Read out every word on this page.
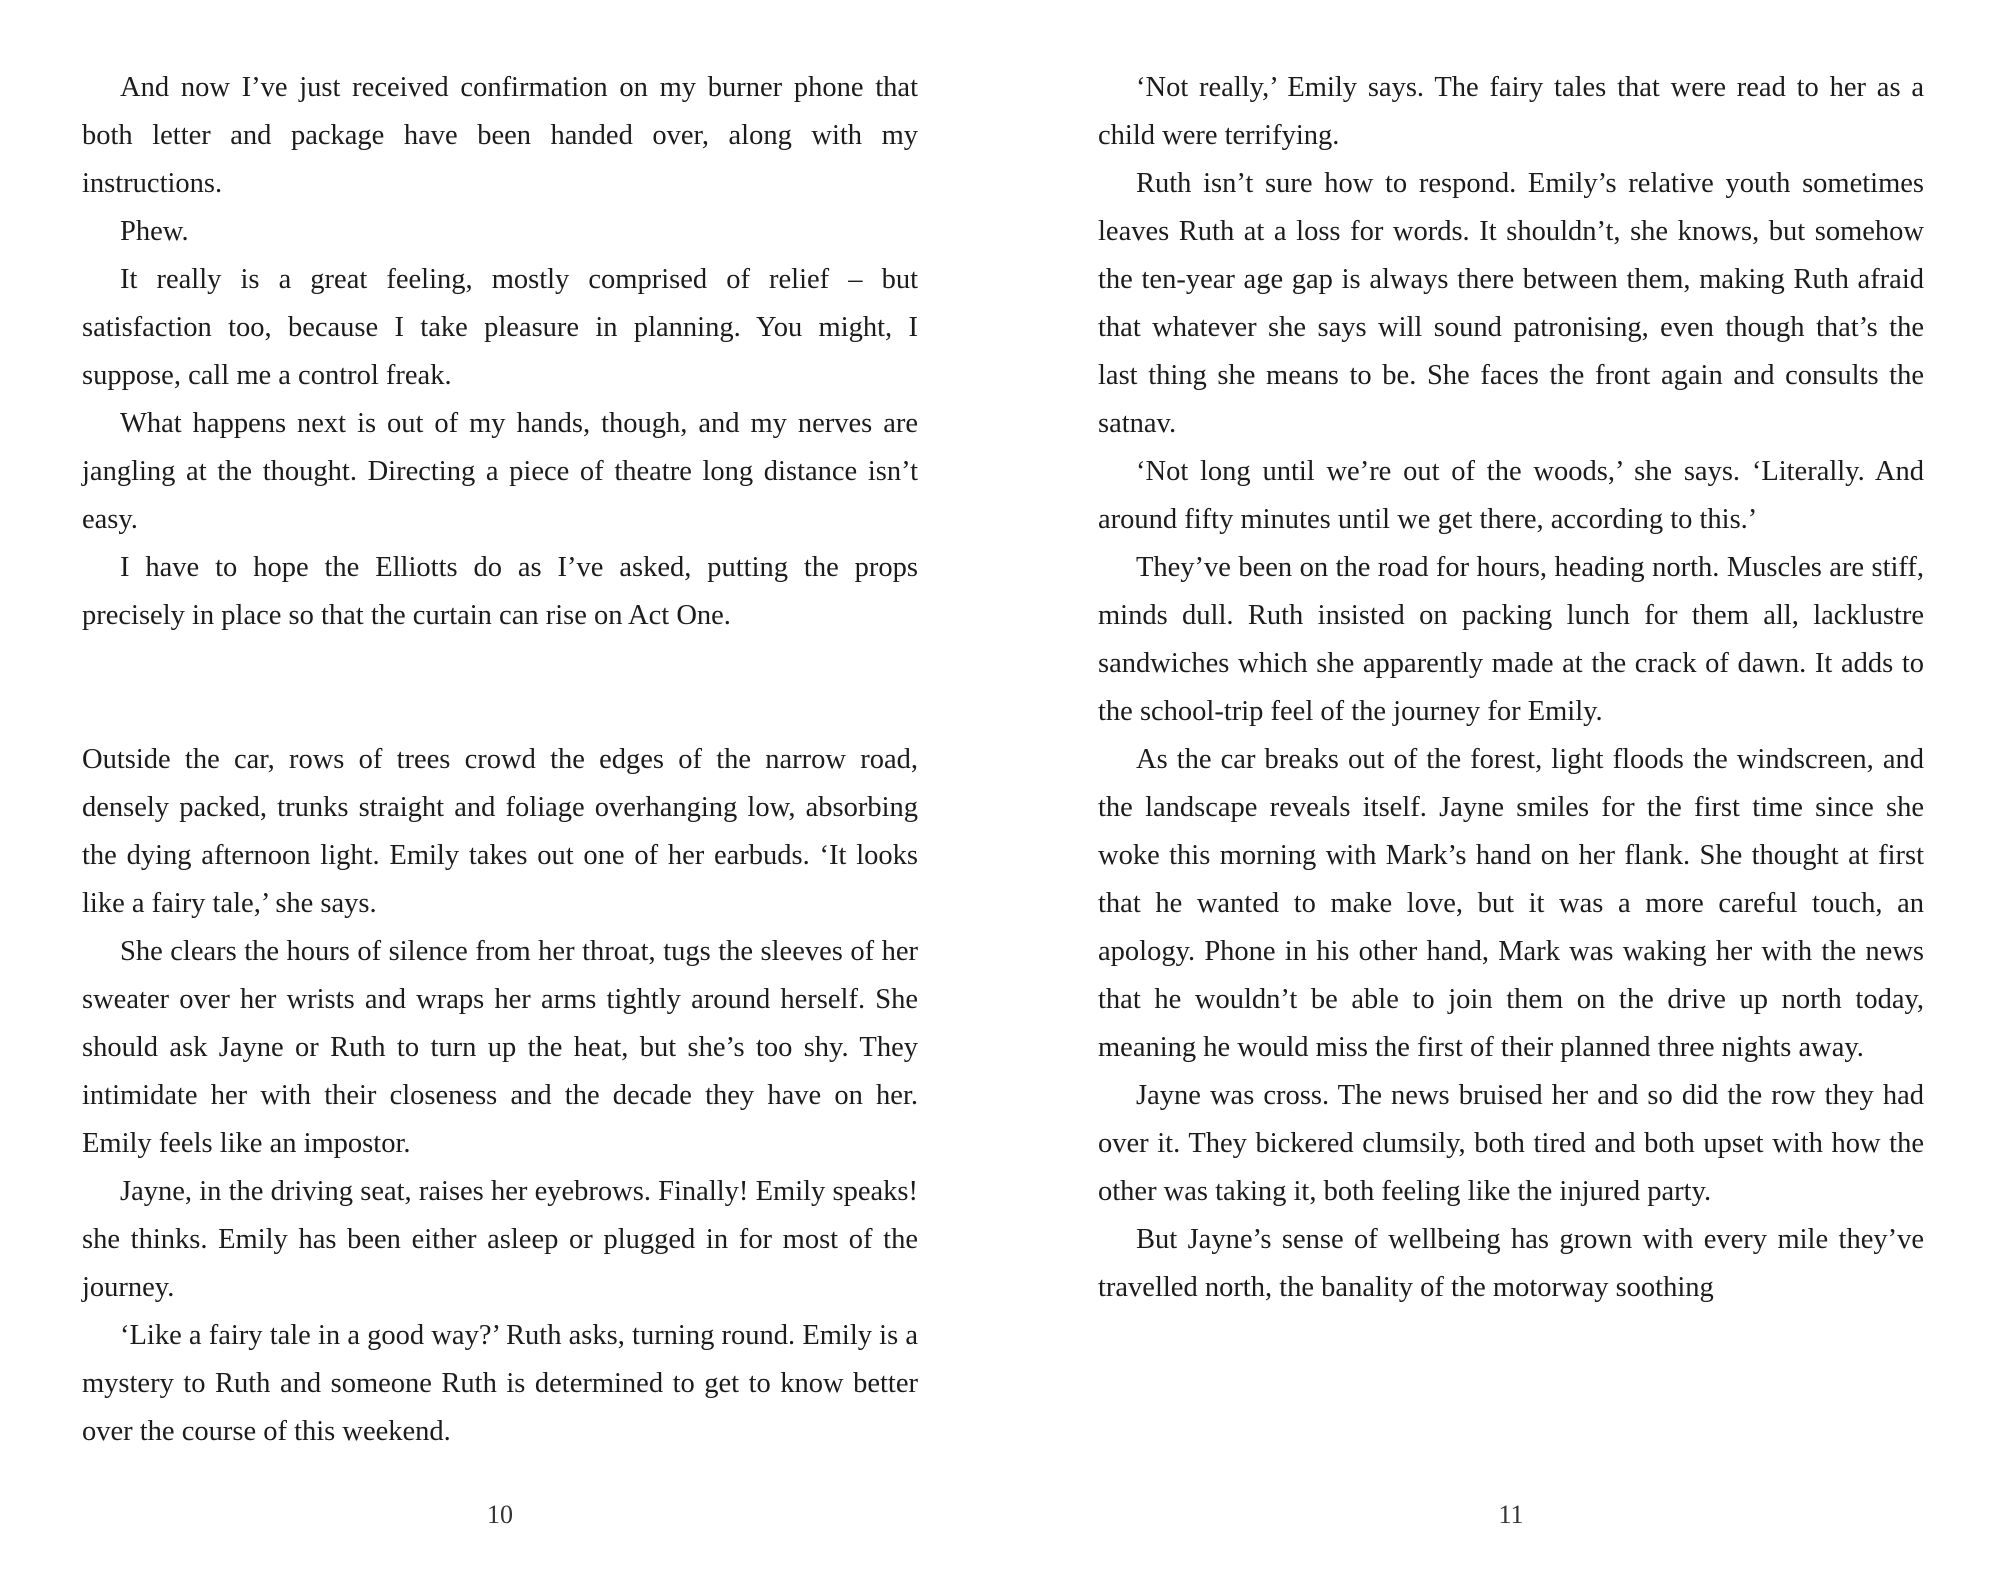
And now I’ve just received confirmation on my burner phone that both letter and package have been handed over, along with my instructions.

Phew.

It really is a great feeling, mostly comprised of relief – but satisfaction too, because I take pleasure in planning. You might, I suppose, call me a control freak.

What happens next is out of my hands, though, and my nerves are jangling at the thought. Directing a piece of theatre long distance isn’t easy.

I have to hope the Elliotts do as I’ve asked, putting the props precisely in place so that the curtain can rise on Act One.

Outside the car, rows of trees crowd the edges of the narrow road, densely packed, trunks straight and foliage overhanging low, absorbing the dying afternoon light. Emily takes out one of her earbuds. ‘It looks like a fairy tale,’ she says.

She clears the hours of silence from her throat, tugs the sleeves of her sweater over her wrists and wraps her arms tightly around herself. She should ask Jayne or Ruth to turn up the heat, but she’s too shy. They intimidate her with their closeness and the decade they have on her. Emily feels like an impostor.

Jayne, in the driving seat, raises her eyebrows. Finally! Emily speaks! she thinks. Emily has been either asleep or plugged in for most of the journey.

‘Like a fairy tale in a good way?’ Ruth asks, turning round. Emily is a mystery to Ruth and someone Ruth is determined to get to know better over the course of this weekend.

10

‘Not really,’ Emily says. The fairy tales that were read to her as a child were terrifying.

Ruth isn’t sure how to respond. Emily’s relative youth sometimes leaves Ruth at a loss for words. It shouldn’t, she knows, but somehow the ten-year age gap is always there between them, making Ruth afraid that whatever she says will sound patronising, even though that’s the last thing she means to be. She faces the front again and consults the satnav.

‘Not long until we’re out of the woods,’ she says. ‘Literally. And around fifty minutes until we get there, according to this.’

They’ve been on the road for hours, heading north. Muscles are stiff, minds dull. Ruth insisted on packing lunch for them all, lacklustre sandwiches which she apparently made at the crack of dawn. It adds to the school-trip feel of the journey for Emily.

As the car breaks out of the forest, light floods the windscreen, and the landscape reveals itself. Jayne smiles for the first time since she woke this morning with Mark’s hand on her flank. She thought at first that he wanted to make love, but it was a more careful touch, an apology. Phone in his other hand, Mark was waking her with the news that he wouldn’t be able to join them on the drive up north today, meaning he would miss the first of their planned three nights away.

Jayne was cross. The news bruised her and so did the row they had over it. They bickered clumsily, both tired and both upset with how the other was taking it, both feeling like the injured party.

But Jayne’s sense of wellbeing has grown with every mile they’ve travelled north, the banality of the motorway soothing

11
